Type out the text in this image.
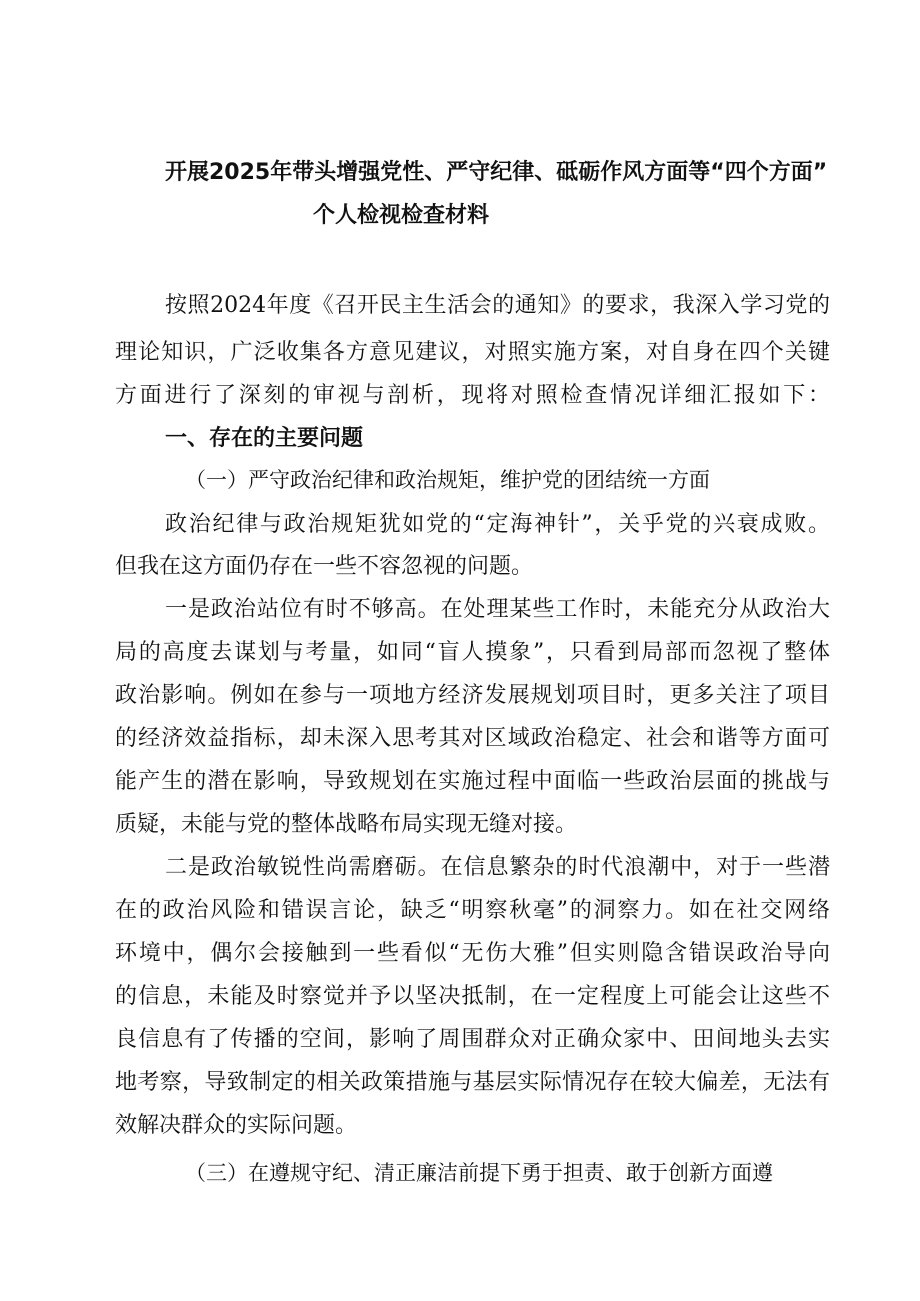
开展2025年带头增强党性、严守纪律、砥砺作风方面等“四个方面”
个人检视检查材料
按照2024年度《召开民主生活会的通知》的要求，我深入学习党的
理论知识，广泛收集各方意见建议，对照实施方案，对自身在四个关键
方面进行了深刻的审视与剖析，现将对照检查情况详细汇报如下：
一、存在的主要问题
（一）严守政治纪律和政治规矩，维护党的团结统一方面
政治纪律与政治规矩犹如党的“定海神针”，关乎党的兴衰成败。
但我在这方面仍存在一些不容忽视的问题。
一是政治站位有时不够高。在处理某些工作时，未能充分从政治大
局的高度去谋划与考量，如同“盲人摸象”，只看到局部而忽视了整体
政治影响。例如在参与一项地方经济发展规划项目时，更多关注了项目
的经济效益指标，却未深入思考其对区域政治稳定、社会和谐等方面可
能产生的潜在影响，导致规划在实施过程中面临一些政治层面的挑战与
质疑，未能与党的整体战略布局实现无缝对接。
二是政治敏锐性尚需磨砺。在信息繁杂的时代浪潮中，对于一些潜
在的政治风险和错误言论，缺乏“明察秋毫”的洞察力。如在社交网络
环境中，偶尔会接触到一些看似“无伤大雅”但实则隐含错误政治导向
的信息，未能及时察觉并予以坚决抵制，在一定程度上可能会让这些不
良信息有了传播的空间，影响了周围群众对正确众家中、田间地头去实
地考察，导致制定的相关政策措施与基层实际情况存在较大偏差，无法有
效解决群众的实际问题。
（三）在遵规守纪、清正廉洁前提下勇于担责、敢于创新方面遵
